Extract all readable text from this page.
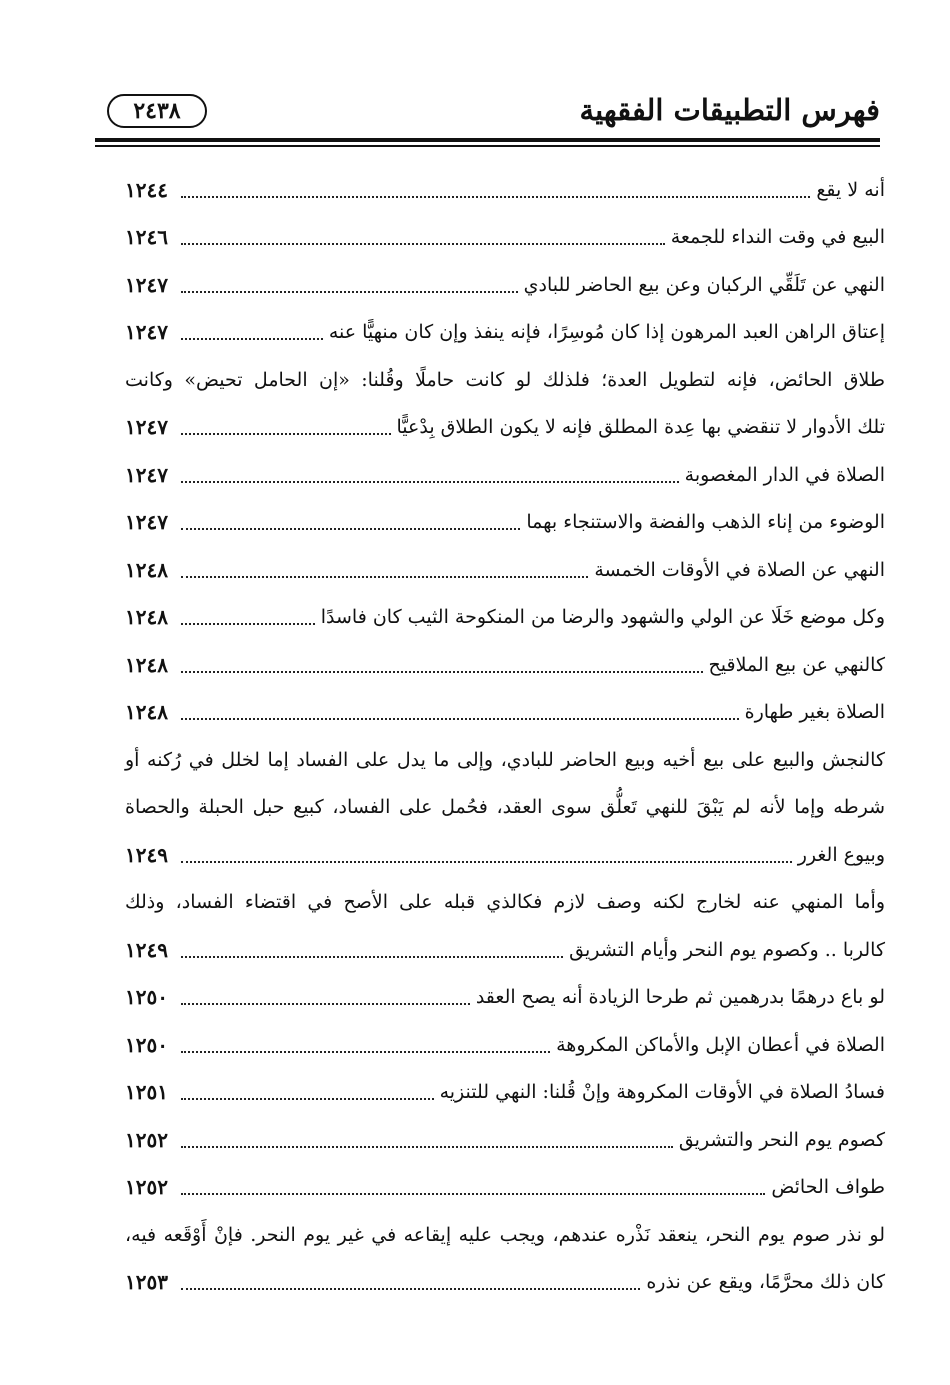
٢٤٣٨	فهرس التطبيقات الفقهية
أنه لا يقع
١٢٤٤
البيع في وقت النداء للجمعة
١٢٤٦
النهي عن تَلَقِّي الركبان وعن بيع الحاضر للبادي
١٢٤٧
إعتاق الراهن العبد المرهون إذا كان مُوسِرًا، فإنه ينفذ وإن كان منهيًّا عنه
١٢٤٧
طلاق الحائض، فإنه لتطويل العدة؛ فلذلك لو كانت حاملًا وقُلنا: «إن الحامل تحيض» وكانت
تلك الأدوار لا تنقضي بها عِدة المطلق فإنه لا يكون الطلاق بِدْعيًّا
١٢٤٧
الصلاة في الدار المغصوبة
١٢٤٧
الوضوء من إناء الذهب والفضة والاستنجاء بهما
١٢٤٧
النهي عن الصلاة في الأوقات الخمسة
١٢٤٨
وكل موضع خَلَا عن الولي والشهود والرضا من المنكوحة الثيب كان فاسدًا
١٢٤٨
كالنهي عن بيع الملاقيح
١٢٤٨
الصلاة بغير طهارة
١٢٤٨
كالنجش والبيع على بيع أخيه وبيع الحاضر للبادي، وإلى ما يدل على الفساد إما لخلل في رُكنه أو
شرطه وإما لأنه لم يَبْقَ للنهي تَعلُّق سوى العقد، فحُمل على الفساد، كبيع حبل الحبلة والحصاة
وبيوع الغرر
١٢٤٩
وأما المنهي عنه لخارج لكنه وصف لازم فكالذي قبله على الأصح في اقتضاء الفساد، وذلك
كالربا .. وكصوم يوم النحر وأيام التشريق
١٢٤٩
لو باع درهمًا بدرهمين ثم طرحا الزيادة أنه يصح العقد
١٢٥٠
الصلاة في أعطان الإبل والأماكن المكروهة
١٢٥٠
فسادُ الصلاة في الأوقات المكروهة وإنْ قُلنا: النهي للتنزيه
١٢٥١
كصوم يوم النحر والتشريق
١٢٥٢
طواف الحائض
١٢٥٢
لو نذر صوم يوم النحر، ينعقد نَذْره عندهم، ويجب عليه إيقاعه في غير يوم النحر. فإنْ أَوْقَعه فيه،
كان ذلك محرَّمًا، ويقع عن نذره
١٢٥٣
